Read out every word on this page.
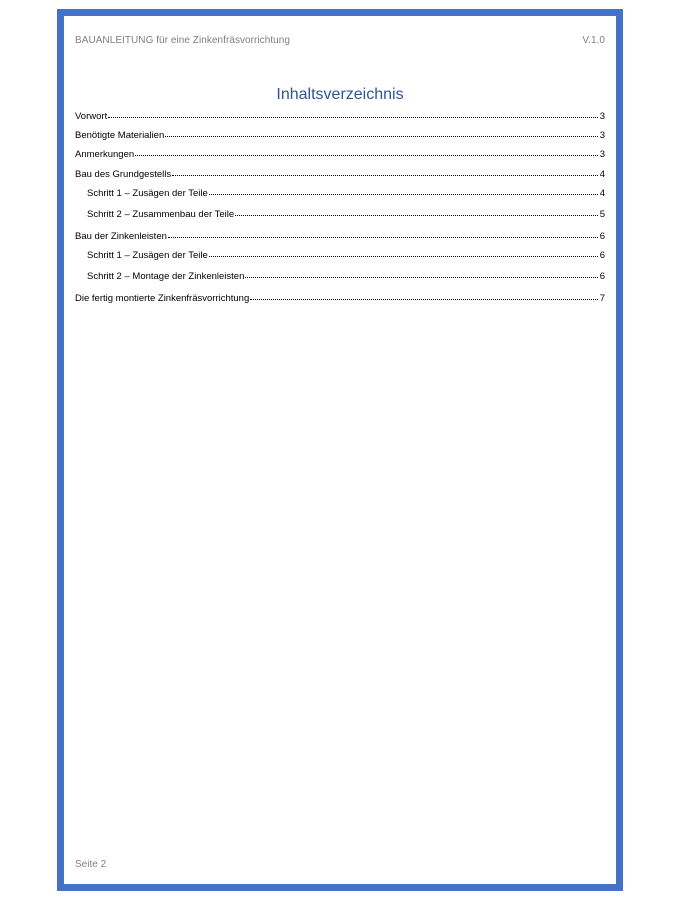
BAUANLEITUNG für eine Zinkenfräsvorrichtung	V.1.0
Inhaltsverzeichnis
Vorwort	3
Benötigte Materialien	3
Anmerkungen	3
Bau des Grundgestells	4
Schritt 1 – Zusägen der Teile	4
Schritt 2 – Zusammenbau der Teile	5
Bau der Zinkenleisten	6
Schritt 1 – Zusägen der Teile	6
Schritt 2 – Montage der Zinkenleisten	6
Die fertig montierte Zinkenfräsvorrichtung	7
Seite 2
